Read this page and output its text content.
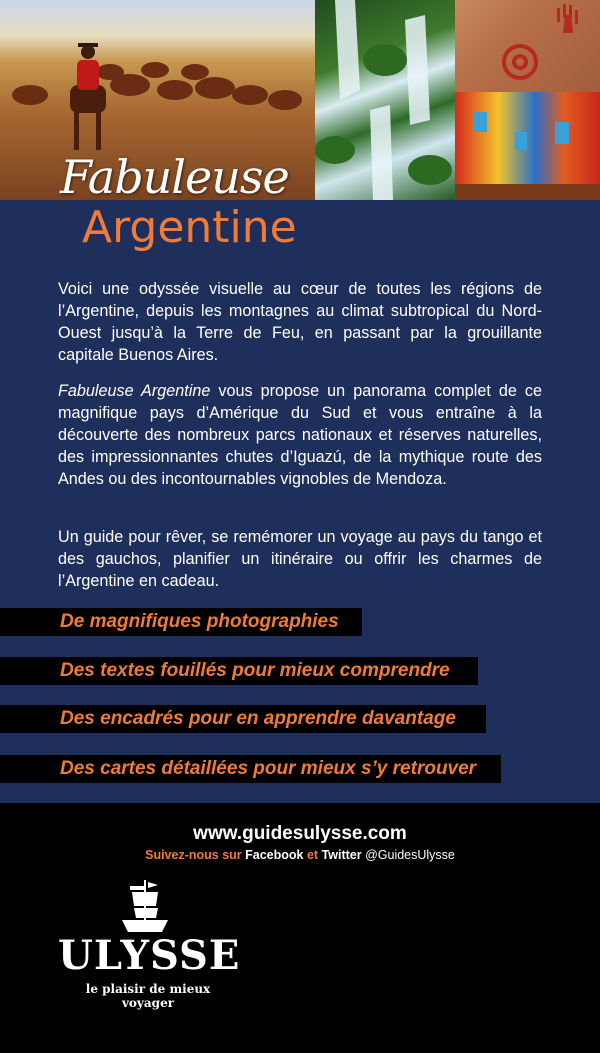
Fabuleuse
Argentine

Voici une odyssée visuelle au cœur de toutes les régions de l’Argentine, depuis les montagnes au climat subtropical du Nord-Ouest jusqu’à la Terre de Feu, en passant par la grouillante capitale Buenos Aires.

Fabuleuse Argentine vous propose un panorama complet de ce magnifique pays d’Amérique du Sud et vous entraîne à la découverte des nombreux parcs nationaux et réserves naturelles, des impressionnantes chutes d’Iguazú, de la mythique route des Andes ou des incontournables vignobles de Mendoza.

Un guide pour rêver, se remémorer un voyage au pays du tango et des gauchos, planifier un itinéraire ou offrir les charmes de l’Argentine en cadeau.

De magnifiques photographies
Des textes fouillés pour mieux comprendre
Des encadrés pour en apprendre davantage
Des cartes détaillées pour mieux s’y retrouver
www.guidesulysse.com
Suivez-nous sur Facebook et Twitter @GuidesUlysse
ULYSSE
le plaisir de mieux voyager
